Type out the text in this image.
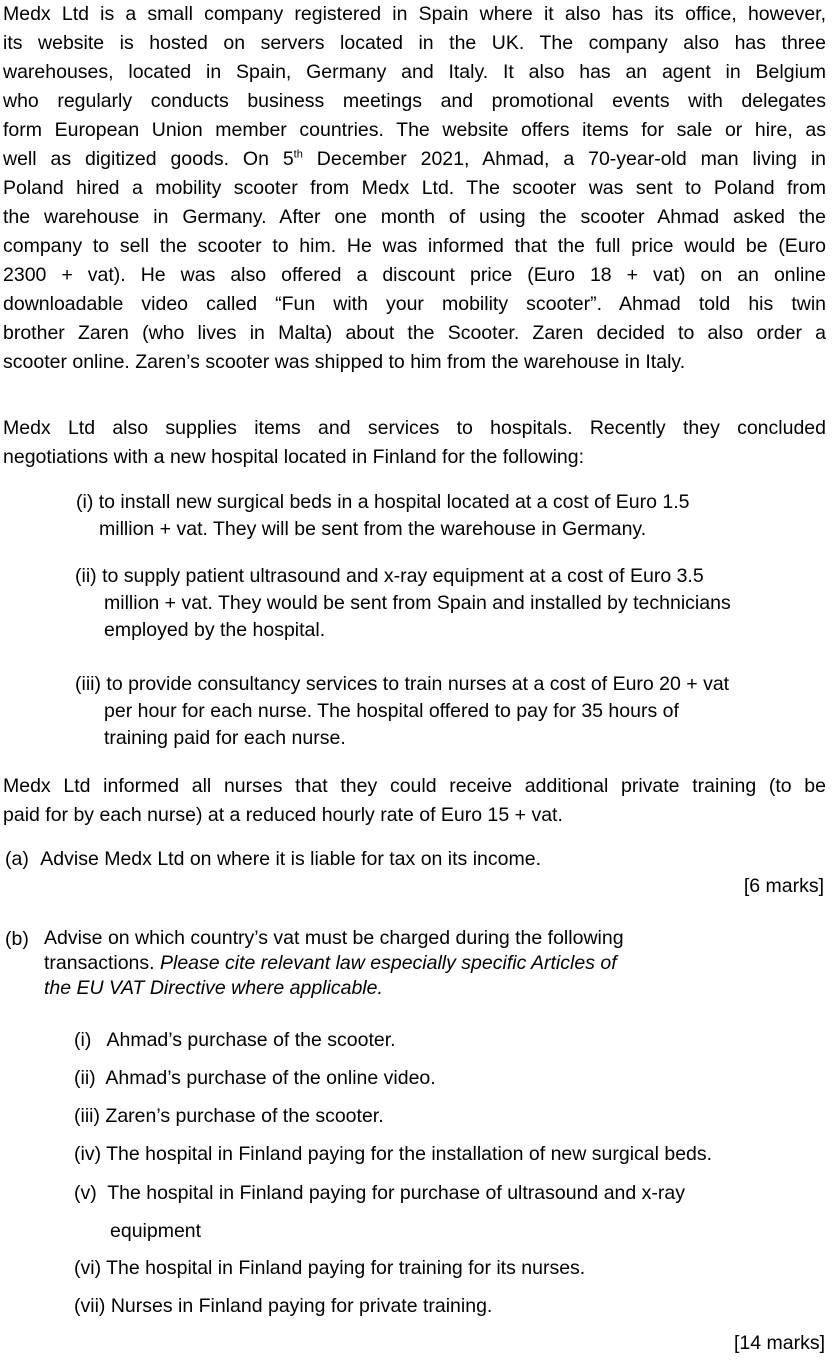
Medx Ltd is a small company registered in Spain where it also has its office, however,
its website is hosted on servers located in the UK. The company also has three
warehouses, located in Spain, Germany and Italy. It also has an agent in Belgium
who regularly conducts business meetings and promotional events with delegates
form European Union member countries. The website offers items for sale or hire, as
well as digitized goods. On 5th December 2021, Ahmad, a 70-year-old man living in
Poland hired a mobility scooter from Medx Ltd. The scooter was sent to Poland from
the warehouse in Germany. After one month of using the scooter Ahmad asked the
company to sell the scooter to him. He was informed that the full price would be (Euro
2300 + vat). He was also offered a discount price (Euro 18 + vat) on an online
downloadable video called “Fun with your mobility scooter”. Ahmad told his twin
brother Zaren (who lives in Malta) about the Scooter. Zaren decided to also order a
scooter online. Zaren’s scooter was shipped to him from the warehouse in Italy.
Medx Ltd also supplies items and services to hospitals. Recently they concluded
negotiations with a new hospital located in Finland for the following:
(i) to install new surgical beds in a hospital located at a cost of Euro 1.5
million + vat. They will be sent from the warehouse in Germany.
(ii) to supply patient ultrasound and x-ray equipment at a cost of Euro 3.5
million + vat. They would be sent from Spain and installed by technicians
employed by the hospital.
(iii) to provide consultancy services to train nurses at a cost of Euro 20 + vat
per hour for each nurse. The hospital offered to pay for 35 hours of
training paid for each nurse.
Medx Ltd informed all nurses that they could receive additional private training (to be
paid for by each nurse) at a reduced hourly rate of Euro 15 + vat.
(a) Advise Medx Ltd on where it is liable for tax on its income.
[6 marks]
(b) Advise on which country’s vat must be charged during the following
transactions. Please cite relevant law especially specific Articles of
the EU VAT Directive where applicable.
(i)   Ahmad’s purchase of the scooter.
(ii)  Ahmad’s purchase of the online video.
(iii) Zaren’s purchase of the scooter.
(iv) The hospital in Finland paying for the installation of new surgical beds.
(v)  The hospital in Finland paying for purchase of ultrasound and x-ray
equipment
(vi) The hospital in Finland paying for training for its nurses.
(vii) Nurses in Finland paying for private training.
[14 marks]
